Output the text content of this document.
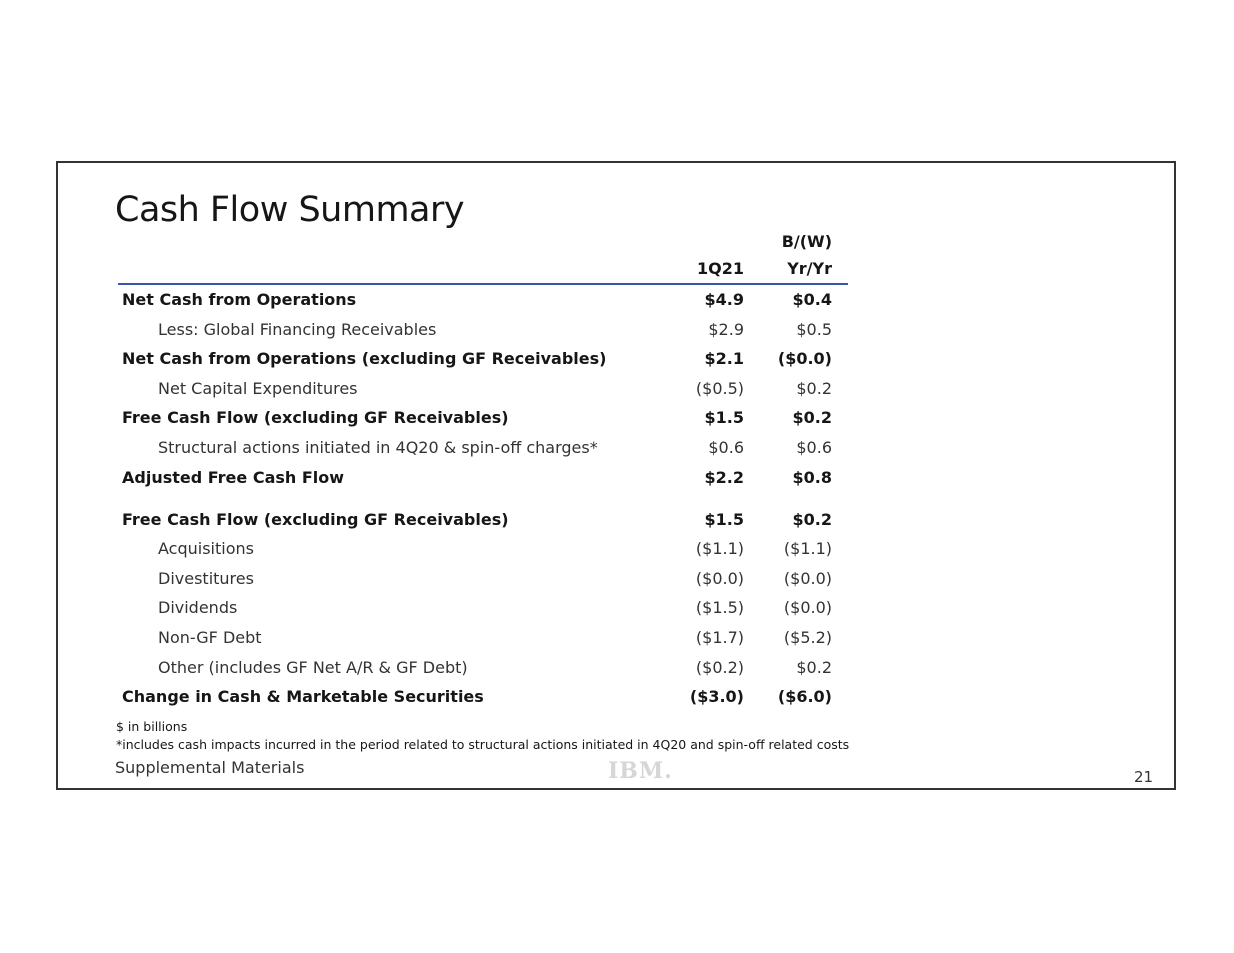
Cash Flow Summary
B/(W)
1Q21	Yr/Yr
Net Cash from Operations	$4.9	$0.4
Less: Global Financing Receivables	$2.9	$0.5
Net Cash from Operations (excluding GF Receivables)	$2.1	($0.0)
Net Capital Expenditures	($0.5)	$0.2
Free Cash Flow (excluding GF Receivables)	$1.5	$0.2
Structural actions initiated in 4Q20 & spin-off charges*	$0.6	$0.6
Adjusted Free Cash Flow	$2.2	$0.8
Free Cash Flow (excluding GF Receivables)	$1.5	$0.2
Acquisitions	($1.1)	($1.1)
Divestitures	($0.0)	($0.0)
Dividends	($1.5)	($0.0)
Non-GF Debt	($1.7)	($5.2)
Other (includes GF Net A/R & GF Debt)	($0.2)	$0.2
Change in Cash & Marketable Securities	($3.0)	($6.0)
$ in billions
*includes cash impacts incurred in the period related to structural actions initiated in 4Q20 and spin-off related costs
Supplemental Materials	IBM.	21
